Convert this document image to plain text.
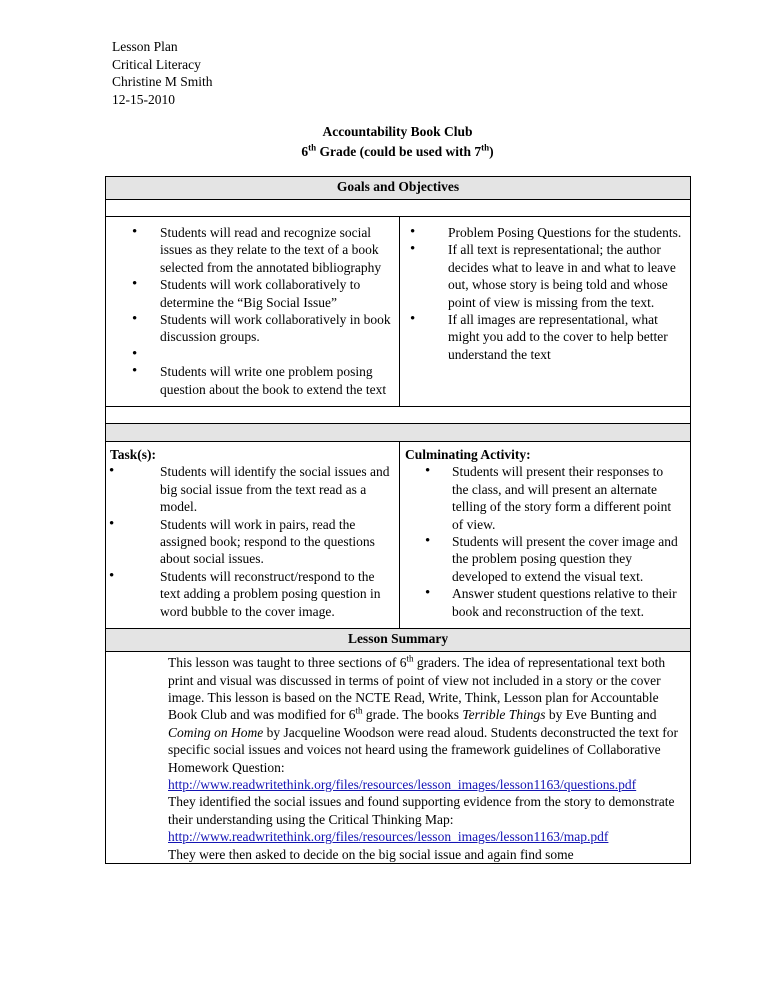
Lesson Plan
Critical Literacy
Christine M Smith
12-15-2010
Accountability Book Club
6th Grade (could be used with 7th)
Goals and Objectives	

• Students will read and recognize social issues as they relate to the text of a book selected from the annotated bibliography
• Students will work collaboratively to determine the “Big Social Issue”
• Students will work collaboratively in book discussion groups.
•
• Students will write one problem posing question about the book to extend the text

• Problem Posing Questions for the students.
• If all text is representational; the author decides what to leave in and what to leave out, whose story is being told and whose point of view is missing from the text.
• If all images are representational, what might you add to the cover to help better understand the text

Task(s):
• Students will identify the social issues and big social issue from the text read as a model.
• Students will work in pairs, read the assigned book; respond to the questions about social issues.
• Students will reconstruct/respond to the text adding a problem posing question in word bubble to the cover image.

Culminating Activity:
• Students will present their responses to the class, and will present an alternate telling of the story form a different point of view.
• Students will present the cover image and the problem posing question they developed to extend the visual text.
• Answer student questions relative to their book and reconstruction of the text.

Lesson Summary	

This lesson was taught to three sections of 6th graders. The idea of representational text both print and visual was discussed in terms of point of view not included in a story or the cover image. This lesson is based on the NCTE Read, Write, Think, Lesson plan for Accountable Book Club and was modified for 6th grade. The books Terrible Things by Eve Bunting and Coming on Home by Jacqueline Woodson were read aloud. Students deconstructed the text for specific social issues and voices not heard using the framework guidelines of Collaborative Homework Question:
http://www.readwritethink.org/files/resources/lesson_images/lesson1163/questions.pdf
They identified the social issues and found supporting evidence from the story to demonstrate their understanding using the Critical Thinking Map:
http://www.readwritethink.org/files/resources/lesson_images/lesson1163/map.pdf
They were then asked to decide on the big social issue and again find some	
